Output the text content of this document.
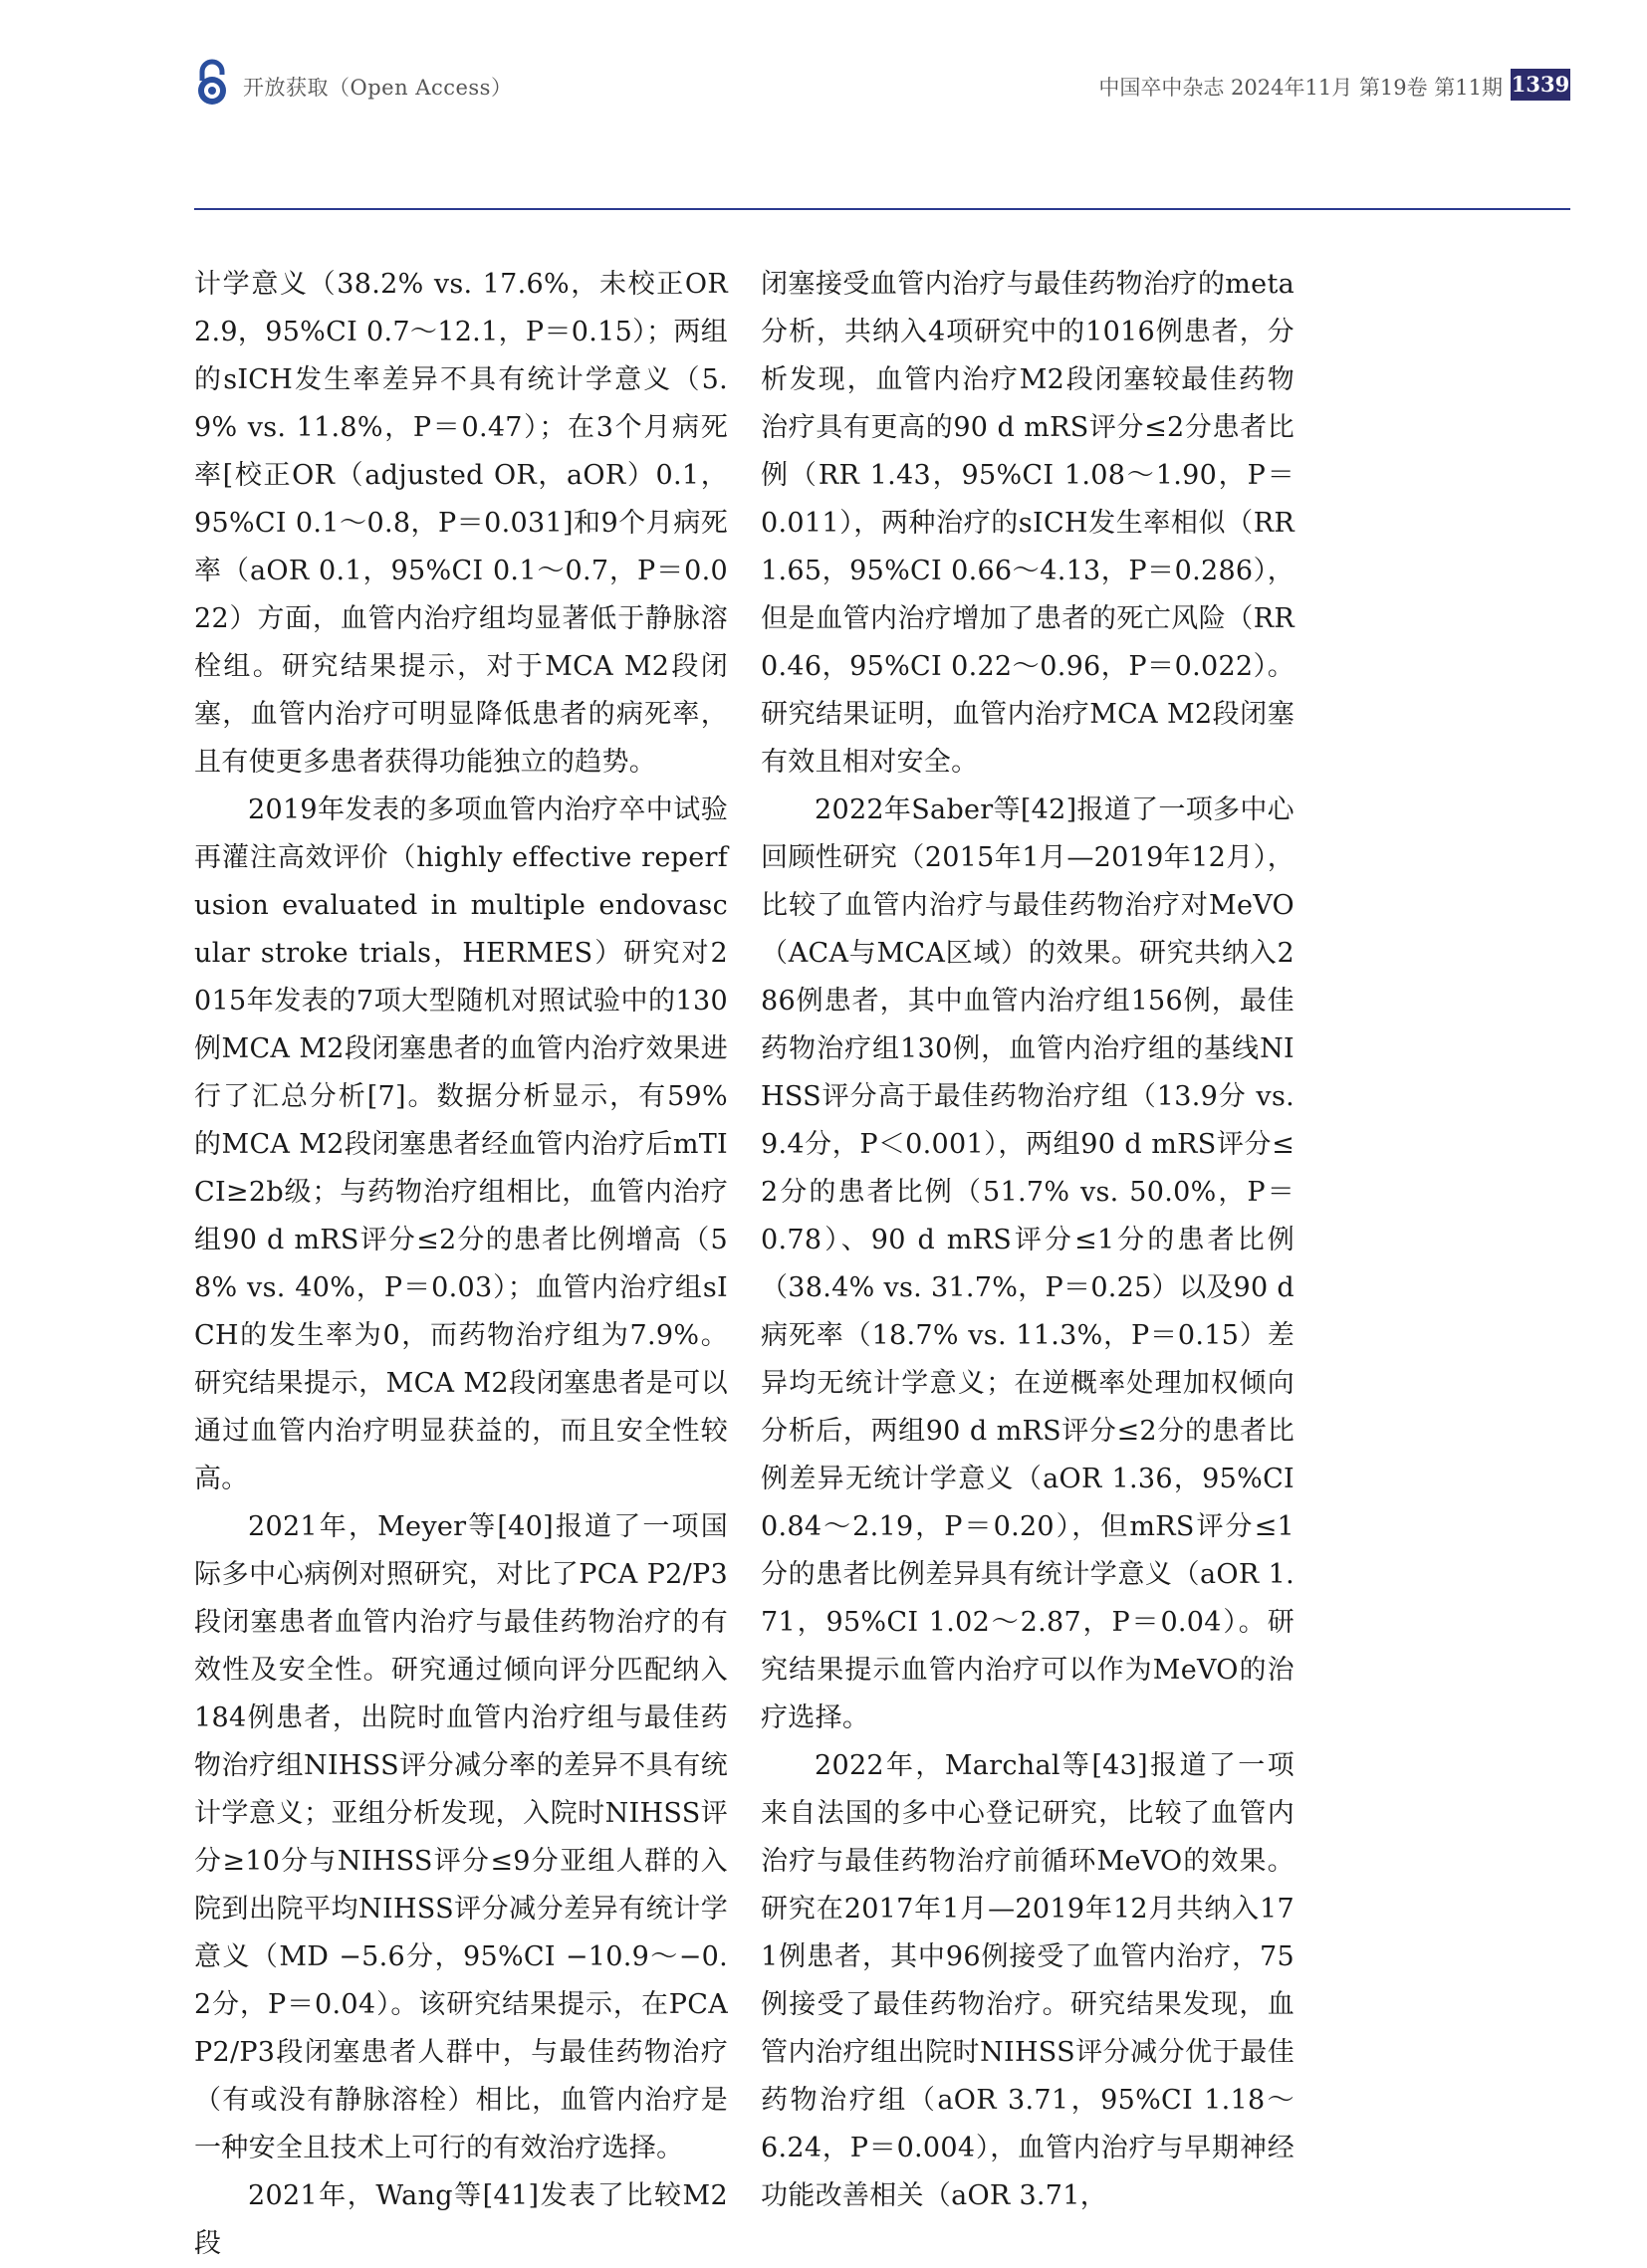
开放获取（Open Access）	中国卒中杂志 2024年11月 第19卷 第11期 1339

计学意义（38.2% vs. 17.6%，未校正OR 2.9，95%CI 0.7～12.1，P＝0.15）；两组的sICH发生率差异不具有统计学意义（5.9% vs. 11.8%，P＝0.47）；在3个月病死率[校正OR（adjusted OR，aOR）0.1，95%CI 0.1～0.8，P＝0.031]和9个月病死率（aOR 0.1，95%CI 0.1～0.7，P＝0.022）方面，血管内治疗组均显著低于静脉溶栓组。研究结果提示，对于MCA M2段闭塞，血管内治疗可明显降低患者的病死率，且有使更多患者获得功能独立的趋势。

2019年发表的多项血管内治疗卒中试验再灌注高效评价（highly effective reperfusion evaluated in multiple endovascular stroke trials，HERMES）研究对2015年发表的7项大型随机对照试验中的130例MCA M2段闭塞患者的血管内治疗效果进行了汇总分析[7]。数据分析显示，有59%的MCA M2段闭塞患者经血管内治疗后mTICI≥2b级；与药物治疗组相比，血管内治疗组90 d mRS评分≤2分的患者比例增高（58% vs. 40%，P＝0.03）；血管内治疗组sICH的发生率为0，而药物治疗组为7.9%。研究结果提示，MCA M2段闭塞患者是可以通过血管内治疗明显获益的，而且安全性较高。

2021年，Meyer等[40]报道了一项国际多中心病例对照研究，对比了PCA P2/P3段闭塞患者血管内治疗与最佳药物治疗的有效性及安全性。研究通过倾向评分匹配纳入184例患者，出院时血管内治疗组与最佳药物治疗组NIHSS评分减分率的差异不具有统计学意义；亚组分析发现，入院时NIHSS评分≥10分与NIHSS评分≤9分亚组人群的入院到出院平均NIHSS评分减分差异有统计学意义（MD −5.6分，95%CI −10.9～−0.2分，P＝0.04）。该研究结果提示，在PCA P2/P3段闭塞患者人群中，与最佳药物治疗（有或没有静脉溶栓）相比，血管内治疗是一种安全且技术上可行的有效治疗选择。

2021年，Wang等[41]发表了比较M2段

闭塞接受血管内治疗与最佳药物治疗的meta分析，共纳入4项研究中的1016例患者，分析发现，血管内治疗M2段闭塞较最佳药物治疗具有更高的90 d mRS评分≤2分患者比例（RR 1.43，95%CI 1.08～1.90，P＝0.011），两种治疗的sICH发生率相似（RR 1.65，95%CI 0.66～4.13，P＝0.286），但是血管内治疗增加了患者的死亡风险（RR 0.46，95%CI 0.22～0.96，P＝0.022）。研究结果证明，血管内治疗MCA M2段闭塞有效且相对安全。

2022年Saber等[42]报道了一项多中心回顾性研究（2015年1月—2019年12月），比较了血管内治疗与最佳药物治疗对MeVO（ACA与MCA区域）的效果。研究共纳入286例患者，其中血管内治疗组156例，最佳药物治疗组130例，血管内治疗组的基线NIHSS评分高于最佳药物治疗组（13.9分 vs. 9.4分，P＜0.001），两组90 d mRS评分≤2分的患者比例（51.7% vs. 50.0%，P＝0.78）、90 d mRS评分≤1分的患者比例（38.4% vs. 31.7%，P＝0.25）以及90 d病死率（18.7% vs. 11.3%，P＝0.15）差异均无统计学意义；在逆概率处理加权倾向分析后，两组90 d mRS评分≤2分的患者比例差异无统计学意义（aOR 1.36，95%CI 0.84～2.19，P＝0.20），但mRS评分≤1分的患者比例差异具有统计学意义（aOR 1.71，95%CI 1.02～2.87，P＝0.04）。研究结果提示血管内治疗可以作为MeVO的治疗选择。

2022年，Marchal等[43]报道了一项来自法国的多中心登记研究，比较了血管内治疗与最佳药物治疗前循环MeVO的效果。研究在2017年1月—2019年12月共纳入171例患者，其中96例接受了血管内治疗，75例接受了最佳药物治疗。研究结果发现，血管内治疗组出院时NIHSS评分减分优于最佳药物治疗组（aOR 3.71，95%CI 1.18～6.24，P＝0.004），血管内治疗与早期神经功能改善相关（aOR 3.71，
